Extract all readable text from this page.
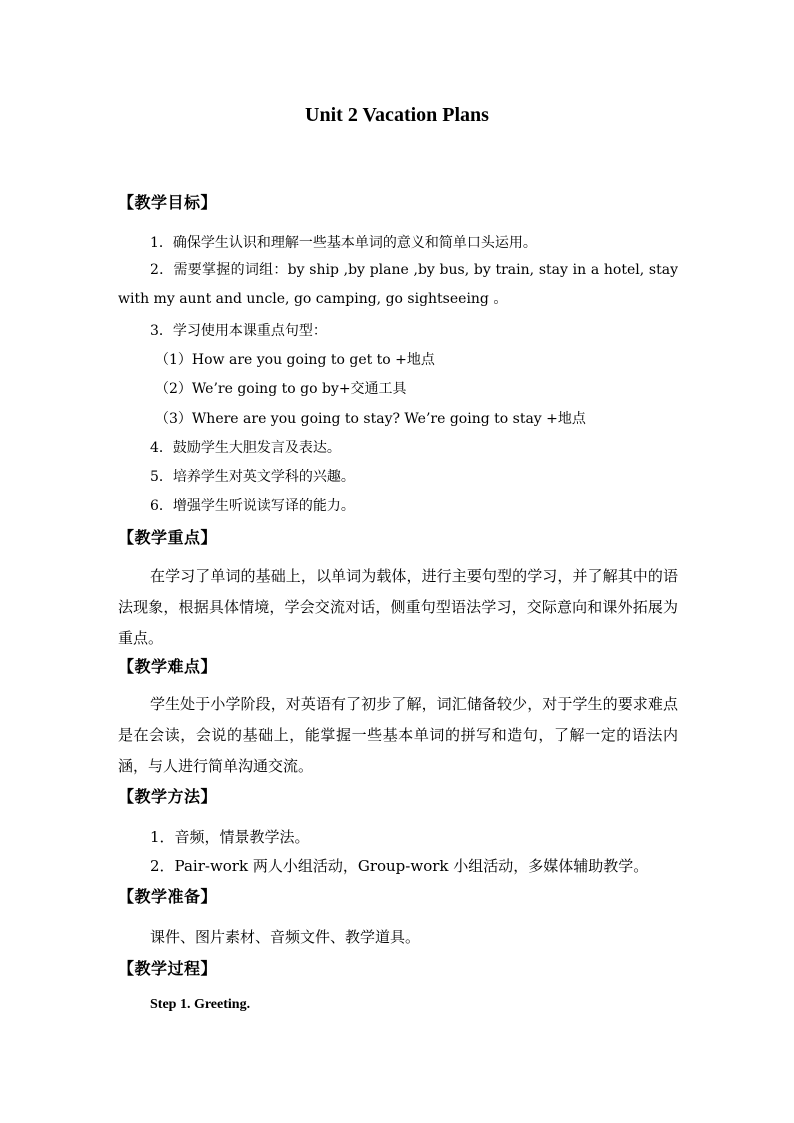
Unit 2 Vacation Plans
【教学目标】
1．确保学生认识和理解一些基本单词的意义和简单口头运用。
2．需要掌握的词组：by ship ,by plane ,by bus, by train, stay in a hotel, stay with my aunt and uncle, go camping, go sightseeing 。
3．学习使用本课重点句型：
（1）How are you going to get to +地点
（2）We’re going to go by+交通工具
（3）Where are you going to stay? We’re going to stay +地点
4．鼓励学生大胆发言及表达。
5．培养学生对英文学科的兴趣。
6．增强学生听说读写译的能力。
【教学重点】
在学习了单词的基础上，以单词为载体，进行主要句型的学习，并了解其中的语法现象，根据具体情境，学会交流对话，侧重句型语法学习，交际意向和课外拓展为重点。
【教学难点】
学生处于小学阶段，对英语有了初步了解，词汇储备较少，对于学生的要求难点是在会读，会说的基础上，能掌握一些基本单词的拼写和造句，了解一定的语法内涵，与人进行简单沟通交流。
【教学方法】
1．音频，情景教学法。
2．Pair-work 两人小组活动，Group-work 小组活动，多媒体辅助教学。
【教学准备】
课件、图片素材、音频文件、教学道具。
【教学过程】
Step 1. Greeting.
